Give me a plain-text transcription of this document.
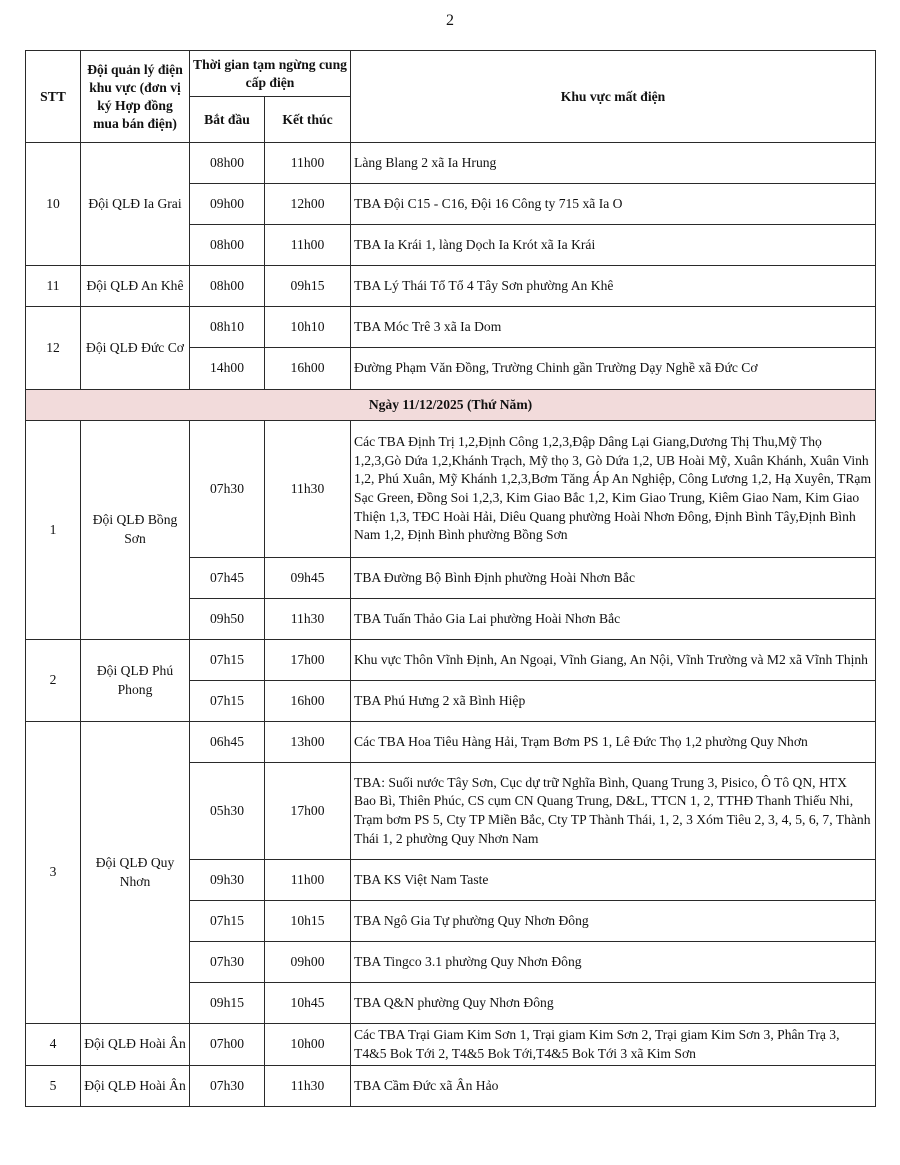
2
STT	Đội quản lý điện khu vực (đơn vị ký Hợp đồng mua bán điện)	Thời gian tạm ngừng cung cấp điện		Khu vực mất điện
		Bắt đầu	Kết thúc	
10	Đội QLĐ Ia Grai	08h00	11h00	Làng Blang 2 xã Ia Hrung
		09h00	12h00	TBA Đội C15 - C16, Đội 16 Công ty 715 xã Ia O
		08h00	11h00	TBA Ia Krái 1, làng Dọch Ia Krót xã Ia Krái
11	Đội QLĐ An Khê	08h00	09h15	TBA Lý Thái Tổ Tổ 4 Tây Sơn phường An Khê
12	Đội QLĐ Đức Cơ	08h10	10h10	TBA Móc Trê 3 xã Ia Dom
		14h00	16h00	Đường Phạm Văn Đồng, Trường Chinh gần Trường Dạy Nghề xã Đức Cơ
Ngày 11/12/2025 (Thứ Năm)				
1	Đội QLĐ Bồng Sơn	07h30	11h30	Các TBA Định Trị 1,2,Định Công 1,2,3,Đập Dâng Lại Giang,Dương Thị Thu,Mỹ Thọ 1,2,3,Gò Dứa 1,2,Khánh Trạch, Mỹ thọ 3, Gò Dứa 1,2, UB Hoài Mỹ, Xuân Khánh, Xuân Vinh 1,2, Phú Xuân, Mỹ Khánh 1,2,3,Bơm Tăng Áp An Nghiệp, Công Lương 1,2, Hạ Xuyên, TRạm Sạc Green, Đồng Soi 1,2,3, Kim Giao Bắc 1,2, Kim Giao Trung, Kiêm Giao Nam, Kim Giao Thiện 1,3, TĐC Hoài Hải, Diêu Quang phường Hoài Nhơn Đông, Định Bình Tây,Định Bình Nam 1,2, Định Bình phường Bồng Sơn
		07h45	09h45	TBA Đường Bộ Bình Định phường Hoài Nhơn Bắc
		09h50	11h30	TBA Tuấn Thảo Gia Lai phường Hoài Nhơn Bắc
2	Đội QLĐ Phú Phong	07h15	17h00	Khu vực Thôn Vĩnh Định, An Ngoại, Vĩnh Giang, An Nội, Vĩnh Trường và M2 xã Vĩnh Thịnh
		07h15	16h00	TBA Phú Hưng 2 xã Bình Hiệp
3	Đội QLĐ Quy Nhơn	06h45	13h00	Các TBA Hoa Tiêu Hàng Hải, Trạm Bơm PS 1, Lê Đức Thọ 1,2 phường Quy Nhơn
		05h30	17h00	TBA: Suối nước Tây Sơn, Cục dự trữ Nghĩa Bình, Quang Trung 3, Pisico, Ô Tô QN, HTX Bao Bì, Thiên Phúc, CS cụm CN Quang Trung, D&L, TTCN 1, 2, TTHĐ Thanh Thiếu Nhi, Trạm bơm PS 5, Cty TP Miền Bắc, Cty TP Thành Thái, 1, 2, 3 Xóm Tiêu 2, 3, 4, 5, 6, 7, Thành Thái 1, 2 phường Quy Nhơn Nam
		09h30	11h00	TBA KS Việt Nam Taste
		07h15	10h15	TBA Ngô Gia Tự phường Quy Nhơn Đông
		07h30	09h00	TBA Tingco 3.1 phường Quy Nhơn Đông
		09h15	10h45	TBA Q&N phường Quy Nhơn Đông
4	Đội QLĐ Hoài Ân	07h00	10h00	Các TBA Trại Giam Kim Sơn 1, Trại giam Kim Sơn 2, Trại giam Kim Sơn 3, Phân Trạ 3, T4&5 Bok Tới 2, T4&5 Bok Tới,T4&5 Bok Tới 3 xã Kim Sơn
5	Đội QLĐ Hoài Ân	07h30	11h30	TBA Cầm Đức xã Ân Hảo
